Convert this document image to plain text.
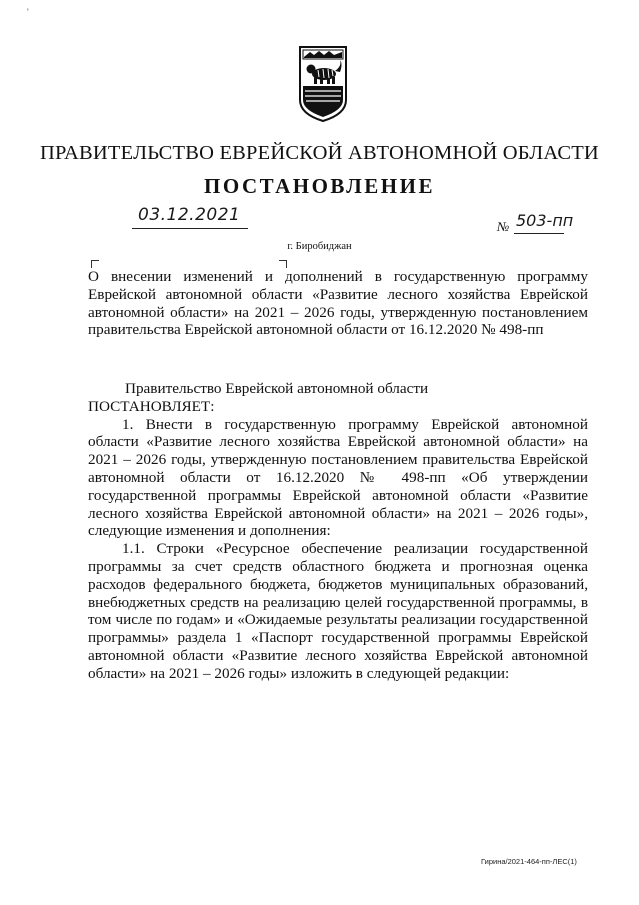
'
ПРАВИТЕЛЬСТВО ЕВРЕЙСКОЙ АВТОНОМНОЙ ОБЛАСТИ
ПОСТАНОВЛЕНИЕ
03.12.2021
№ 503-пп
г. Биробиджан

О внесении изменений и дополнений в государственную программу Еврейской автономной области «Развитие лесного хозяйства Еврейской автономной области» на 2021 – 2026 годы, утвержденную постановлением правительства Еврейской автономной области от 16.12.2020 № 498-пп

Правительство Еврейской автономной области

ПОСТАНОВЛЯЕТ:

1. Внести в государственную программу Еврейской автономной области «Развитие лесного хозяйства Еврейской автономной области» на 2021 – 2026 годы, утвержденную постановлением правительства Еврейской автономной области от 16.12.2020 № 498-пп «Об утверждении государственной программы Еврейской автономной области «Развитие лесного хозяйства Еврейской автономной области» на 2021 – 2026 годы», следующие изменения и дополнения:

1.1. Строки «Ресурсное обеспечение реализации государственной программы за счет средств областного бюджета и прогнозная оценка расходов федерального бюджета, бюджетов муниципальных образований, внебюджетных средств на реализацию целей государственной программы, в том числе по годам» и «Ожидаемые результаты реализации государственной программы» раздела 1 «Паспорт государственной программы Еврейской автономной области «Развитие лесного хозяйства Еврейской автономной области» на 2021 – 2026 годы» изложить в следующей редакции:

Гирина/2021-464-пп-ЛЕС(1)
